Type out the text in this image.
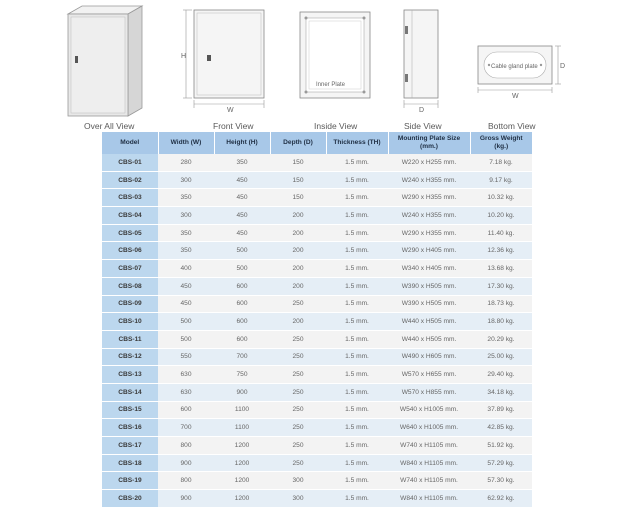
Over All View
H
W
Front View
Inner Plate
Inside View
D
Side View
Cable gland plate	D
W
Bottom View
Model	Width (W)	Height (H)	Depth (D)	Thickness (TH)	Mounting Plate Size (mm.)	Gross Weight (kg.)
CBS-01	280	350	150	1.5 mm.	W220 x H255 mm.	7.18 kg.
CBS-02	300	450	150	1.5 mm.	W240 x H355 mm.	9.17 kg.
CBS-03	350	450	150	1.5 mm.	W290 x H355 mm.	10.32 kg.
CBS-04	300	450	200	1.5 mm.	W240 x H355 mm.	10.20 kg.
CBS-05	350	450	200	1.5 mm.	W290 x H355 mm.	11.40 kg.
CBS-06	350	500	200	1.5 mm.	W290 x H405 mm.	12.36 kg.
CBS-07	400	500	200	1.5 mm.	W340 x H405 mm.	13.68 kg.
CBS-08	450	600	200	1.5 mm.	W390 x H505 mm.	17.30 kg.
CBS-09	450	600	250	1.5 mm.	W390 x H505 mm.	18.73 kg.
CBS-10	500	600	200	1.5 mm.	W440 x H505 mm.	18.80 kg.
CBS-11	500	600	250	1.5 mm.	W440 x H505 mm.	20.29 kg.
CBS-12	550	700	250	1.5 mm.	W490 x H605 mm.	25.00 kg.
CBS-13	630	750	250	1.5 mm.	W570 x H655 mm.	29.40 kg.
CBS-14	630	900	250	1.5 mm.	W570 x H855 mm.	34.18 kg.
CBS-15	600	1100	250	1.5 mm.	W540 x H1005 mm.	37.89 kg.
CBS-16	700	1100	250	1.5 mm.	W640 x H1005 mm.	42.85 kg.
CBS-17	800	1200	250	1.5 mm.	W740 x H1105 mm.	51.92 kg.
CBS-18	900	1200	250	1.5 mm.	W840 x H1105 mm.	57.29 kg.
CBS-19	800	1200	300	1.5 mm.	W740 x H1105 mm.	57.30 kg.
CBS-20	900	1200	300	1.5 mm.	W840 x H1105 mm.	62.92 kg.
